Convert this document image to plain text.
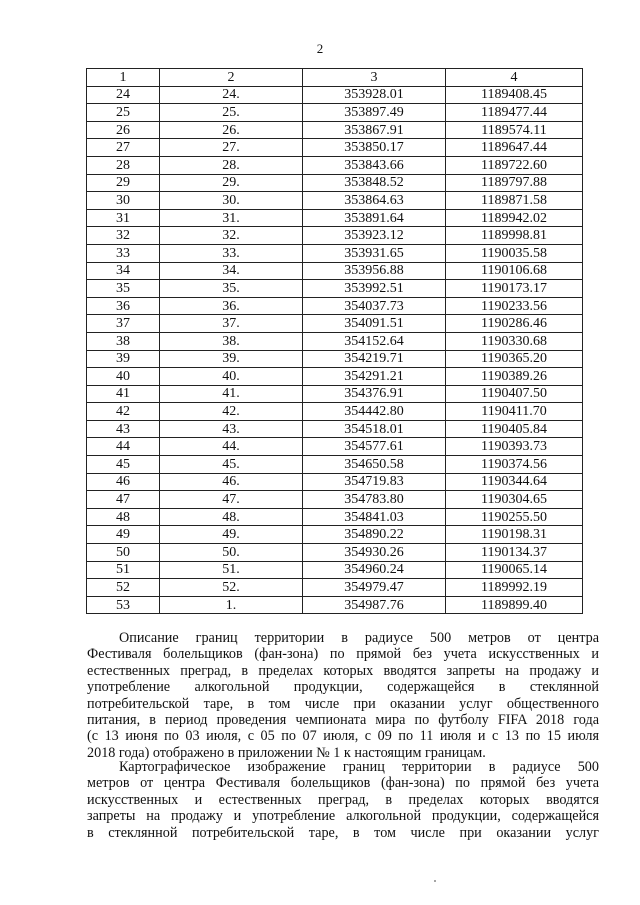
2
1	2	3	4
24	24.	353928.01	1189408.45
25	25.	353897.49	1189477.44
26	26.	353867.91	1189574.11
27	27.	353850.17	1189647.44
28	28.	353843.66	1189722.60
29	29.	353848.52	1189797.88
30	30.	353864.63	1189871.58
31	31.	353891.64	1189942.02
32	32.	353923.12	1189998.81
33	33.	353931.65	1190035.58
34	34.	353956.88	1190106.68
35	35.	353992.51	1190173.17
36	36.	354037.73	1190233.56
37	37.	354091.51	1190286.46
38	38.	354152.64	1190330.68
39	39.	354219.71	1190365.20
40	40.	354291.21	1190389.26
41	41.	354376.91	1190407.50
42	42.	354442.80	1190411.70
43	43.	354518.01	1190405.84
44	44.	354577.61	1190393.73
45	45.	354650.58	1190374.56
46	46.	354719.83	1190344.64
47	47.	354783.80	1190304.65
48	48.	354841.03	1190255.50
49	49.	354890.22	1190198.31
50	50.	354930.26	1190134.37
51	51.	354960.24	1190065.14
52	52.	354979.47	1189992.19
53	1.	354987.76	1189899.40
Описание границ территории в радиусе 500 метров от центра
Фестиваля болельщиков (фан-зона) по прямой без учета искусственных и
естественных преград, в пределах которых вводятся запреты на продажу и
употребление алкогольной продукции, содержащейся в стеклянной
потребительской таре, в том числе при оказании услуг общественного
питания, в период проведения чемпионата мира по футболу FIFA 2018 года
(с 13 июня по 03 июля, с 05 по 07 июля, с 09 по 11 июля и с 13 по 15 июля
2018 года) отображено в приложении № 1 к настоящим границам.
Картографическое изображение границ территории в радиусе 500
метров от центра Фестиваля болельщиков (фан-зона) по прямой без учета
искусственных и естественных преград, в пределах которых вводятся
запреты на продажу и употребление алкогольной продукции, содержащейся
в стеклянной потребительской таре, в том числе при оказании услуг
